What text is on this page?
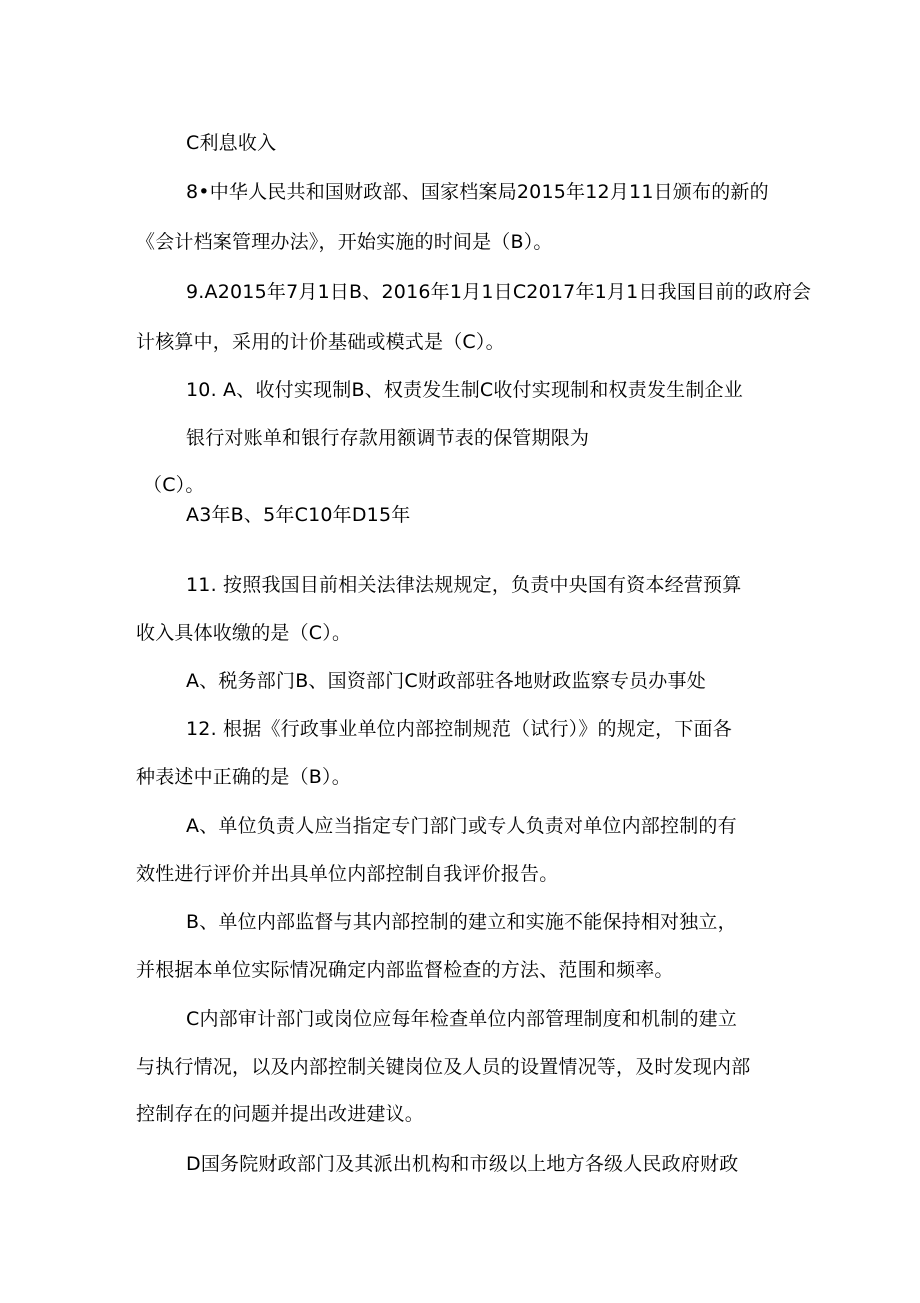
C利息收入
8•中华人民共和国财政部、国家档案局2015年12月11日颁布的新的
《会计档案管理办法》，开始实施的时间是（B）。
9.A2015年7月1日B、2016年1月1日C2017年1月1日我国目前的政府会
计核算中，采用的计价基础或模式是（C）。
10. A、收付实现制B、权责发生制C收付实现制和权责发生制企业
银行对账单和银行存款用额调节表的保管期限为
（C）。
A3年B、5年C10年D15年
11. 按照我国目前相关法律法规规定，负责中央国有资本经营预算
收入具体收缴的是（C）。
A、税务部门B、国资部门C财政部驻各地财政监察专员办事处
12. 根据《行政事业单位内部控制规范（试行）》的规定，下面各
种表述中正确的是（B）。
A、单位负责人应当指定专门部门或专人负责对单位内部控制的有
效性进行评价并出具单位内部控制自我评价报告。
B、单位内部监督与其内部控制的建立和实施不能保持相对独立，
并根据本单位实际情况确定内部监督检查的方法、范围和频率。
C内部审计部门或岗位应每年检查单位内部管理制度和机制的建立
与执行情况，以及内部控制关键岗位及人员的设置情况等，及时发现内部
控制存在的问题并提出改进建议。
D国务院财政部门及其派出机构和市级以上地方各级人民政府财政
